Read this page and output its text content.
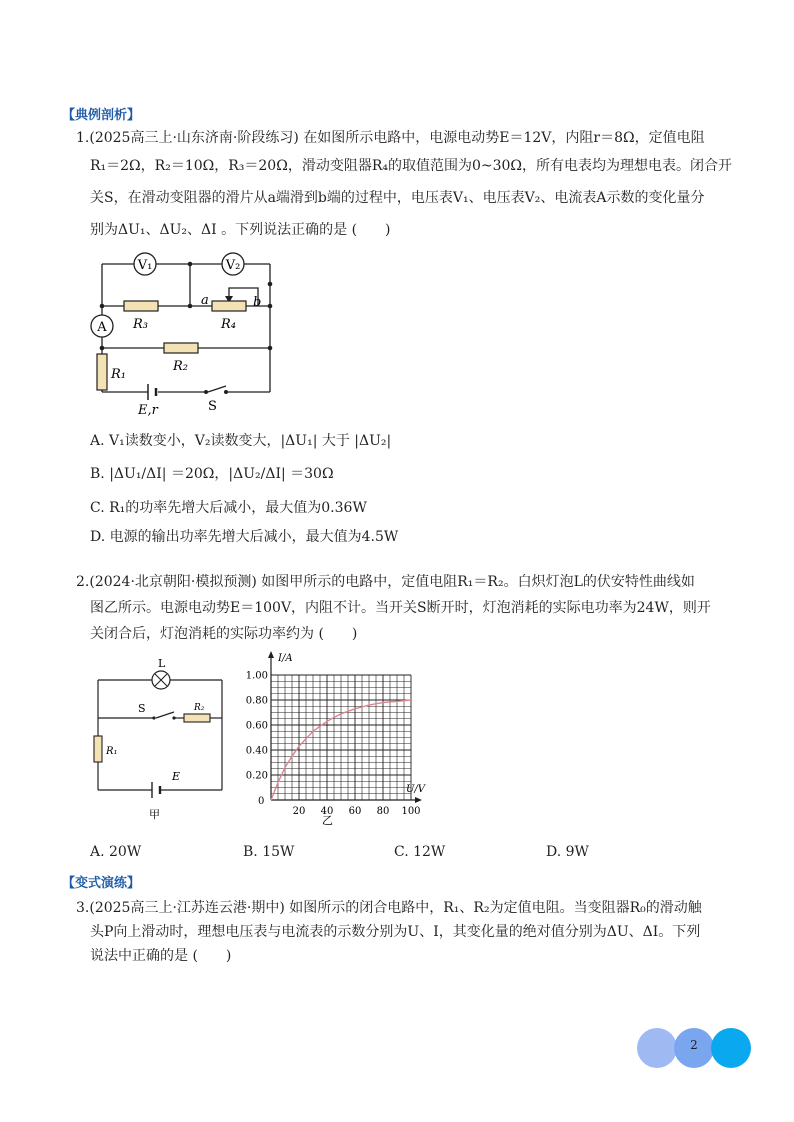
【典例剖析】
1.(2025高三上·山东济南·阶段练习) 在如图所示电路中，电源电动势E＝12V，内阻r＝8Ω，定值电阻
R₁＝2Ω，R₂＝10Ω，R₃＝20Ω，滑动变阻器R₄的取值范围为0~30Ω，所有电表均为理想电表。闭合开
关S，在滑动变阻器的滑片从a端滑到b端的过程中，电压表V₁、电压表V₂、电流表A示数的变化量分
别为ΔU₁、ΔU₂、ΔI 。下列说法正确的是 (　　)
V₁	V₂
A
a	b
R₃	R₄
R₂
R₁
E,r	S
A. V₁读数变小，V₂读数变大，|ΔU₁| 大于 |ΔU₂|
B. |ΔU₁/ΔI| ＝20Ω，|ΔU₂/ΔI| ＝30Ω
C. R₁的功率先增大后减小，最大值为0.36W
D. 电源的输出功率先增大后减小，最大值为4.5W
2.(2024·北京朝阳·模拟预测) 如图甲所示的电路中，定值电阻R₁＝R₂。白炽灯泡L的伏安特性曲线如
图乙所示。电源电动势E＝100V，内阻不计。当开关S断开时，灯泡消耗的实际电功率为24W，则开
关闭合后，灯泡消耗的实际功率约为 (　　)
L
S	R₂
R₁
E
甲	20 40 60 80 100
0.20
0.40
0.60
0.80
1.00
I/A
U/V
0
乙
A. 20W	B. 15W	C. 12W	D. 9W
【变式演练】
3.(2025高三上·江苏连云港·期中) 如图所示的闭合电路中，R₁、R₂为定值电阻。当变阻器R₀的滑动触
头P向上滑动时，理想电压表与电流表的示数分别为U、I，其变化量的绝对值分别为ΔU、ΔI。下列
说法中正确的是 (　　)
2
